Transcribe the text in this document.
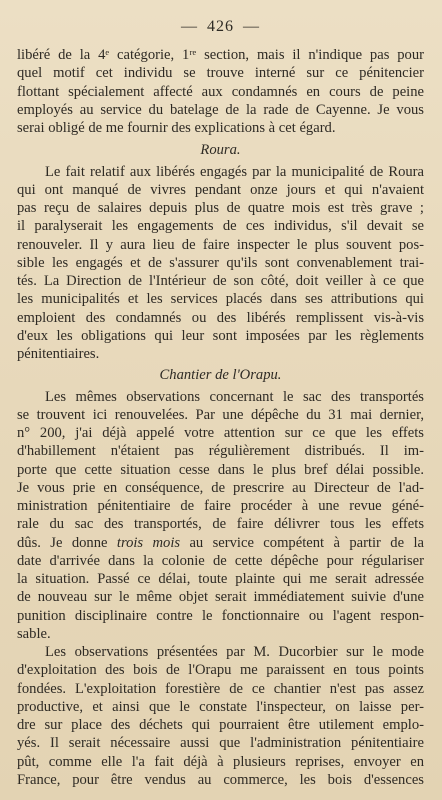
— 426 —
libéré de la 4ᵉ catégorie, 1ʳᵉ section, mais il n'indique pas pour
quel motif cet individu se trouve interné sur ce pénitencier
flottant spécialement affecté aux condamnés en cours de peine
employés au service du batelage de la rade de Cayenne. Je vous
serai obligé de me fournir des explications à cet égard.
Roura.
Le fait relatif aux libérés engagés par la municipalité de Roura
qui ont manqué de vivres pendant onze jours et qui n'avaient
pas reçu de salaires depuis plus de quatre mois est très grave ;
il paralyserait les engagements de ces individus, s'il devait se
renouveler. Il y aura lieu de faire inspecter le plus souvent pos-
sible les engagés et de s'assurer qu'ils sont convenablement trai-
tés. La Direction de l'Intérieur de son côté, doit veiller à ce que
les municipalités et les services placés dans ses attributions qui
emploient des condamnés ou des libérés remplissent vis-à-vis
d'eux les obligations qui leur sont imposées par les règlements
pénitentiaires.
Chantier de l'Orapu.
Les mêmes observations concernant le sac des transportés
se trouvent ici renouvelées. Par une dépêche du 31 mai dernier,
n° 200, j'ai déjà appelé votre attention sur ce que les effets
d'habillement n'étaient pas régulièrement distribués. Il im-
porte que cette situation cesse dans le plus bref délai possible.
Je vous prie en conséquence, de prescrire au Directeur de l'ad-
ministration pénitentiaire de faire procéder à une revue géné-
rale du sac des transportés, de faire délivrer tous les effets
dûs. Je donne trois mois au service compétent à partir de la
date d'arrivée dans la colonie de cette dépêche pour régulariser
la situation. Passé ce délai, toute plainte qui me serait adressée
de nouveau sur le même objet serait immédiatement suivie d'une
punition disciplinaire contre le fonctionnaire ou l'agent respon-
sable.
Les observations présentées par M. Ducorbier sur le mode
d'exploitation des bois de l'Orapu me paraissent en tous points
fondées. L'exploitation forestière de ce chantier n'est pas assez
productive, et ainsi que le constate l'inspecteur, on laisse per-
dre sur place des déchets qui pourraient être utilement emplo-
yés. Il serait nécessaire aussi que l'administration pénitentiaire
pût, comme elle l'a fait déjà à plusieurs reprises, envoyer en
France, pour être vendus au commerce, les bois d'essences
